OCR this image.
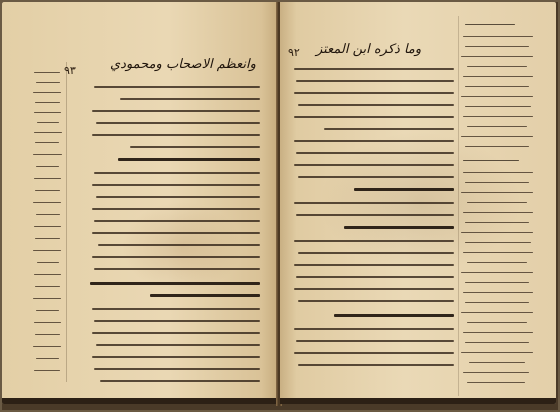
٩٣	وانعظم الاصحاب ومحمودي
٩٢ وما ذكره ابن المعتز
